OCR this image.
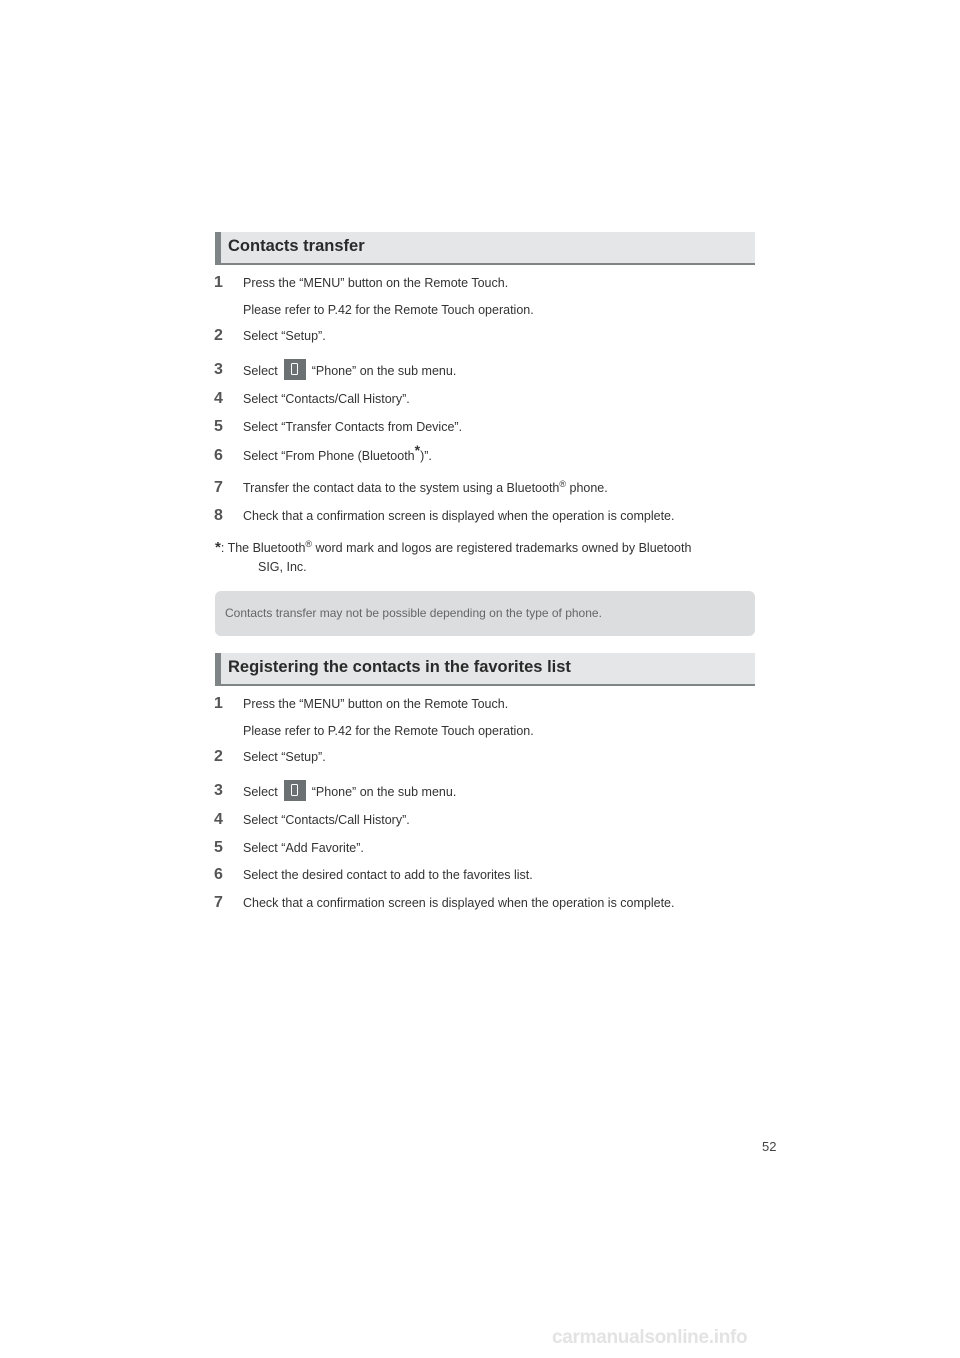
Contacts transfer
1 Press the “MENU” button on the Remote Touch.
Please refer to P.42 for the Remote Touch operation.
2 Select “Setup”.
3 Select	“Phone” on the sub menu.
4 Select “Contacts/Call History”.
5 Select “Transfer Contacts from Device”.
6 Select “From Phone (Bluetooth*)”.
7 Transfer the contact data to the system using a Bluetooth® phone.
8 Check that a confirmation screen is displayed when the operation is complete.
*: The Bluetooth® word mark and logos are registered trademarks owned by Bluetooth
SIG, Inc.
Contacts transfer may not be possible depending on the type of phone.
Registering the contacts in the favorites list
1 Press the “MENU” button on the Remote Touch.
Please refer to P.42 for the Remote Touch operation.
2 Select “Setup”.
3 Select	“Phone” on the sub menu.
4 Select “Contacts/Call History”.
5 Select “Add Favorite”.
6 Select the desired contact to add to the favorites list.
7 Check that a confirmation screen is displayed when the operation is complete.
52
carmanualsonline.info
